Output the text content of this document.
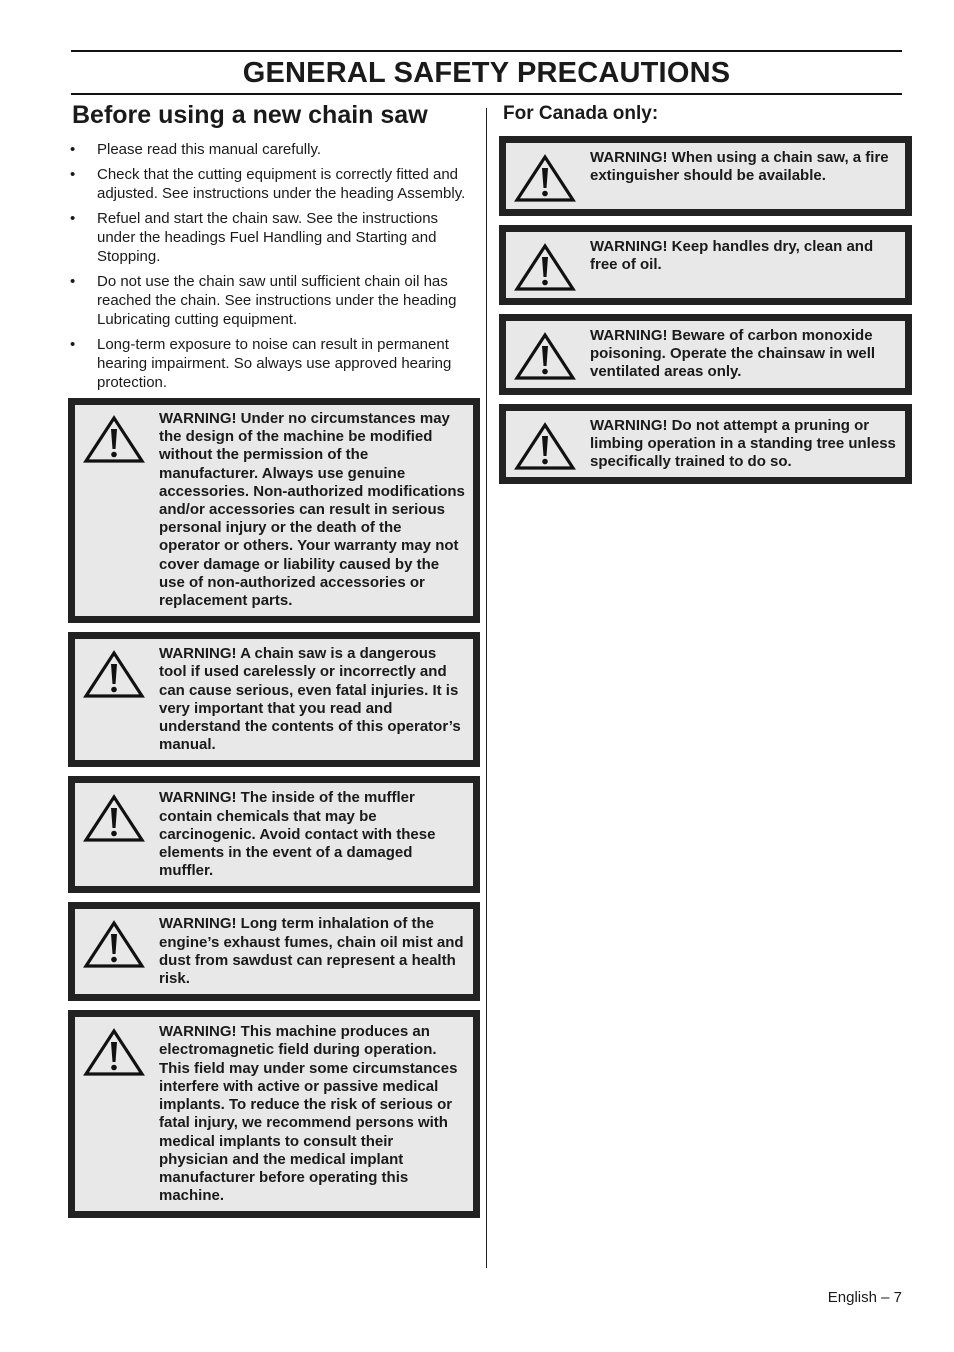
GENERAL SAFETY PRECAUTIONS
Before using a new chain saw
• Please read this manual carefully.
• Check that the cutting equipment is correctly fitted and adjusted. See instructions under the heading Assembly.
• Refuel and start the chain saw. See the instructions under the headings Fuel Handling and Starting and Stopping.
• Do not use the chain saw until sufficient chain oil has reached the chain. See instructions under the heading Lubricating cutting equipment.
• Long-term exposure to noise can result in permanent hearing impairment. So always use approved hearing protection.
WARNING! Under no circumstances may the design of the machine be modified without the permission of the manufacturer. Always use genuine accessories. Non-authorized modifications and/or accessories can result in serious personal injury or the death of the operator or others. Your warranty may not cover damage or liability caused by the use of non-authorized accessories or replacement parts.
WARNING! A chain saw is a dangerous tool if used carelessly or incorrectly and can cause serious, even fatal injuries. It is very important that you read and understand the contents of this operator’s manual.
WARNING! The inside of the muffler contain chemicals that may be carcinogenic. Avoid contact with these elements in the event of a damaged muffler.
WARNING! Long term inhalation of the engine’s exhaust fumes, chain oil mist and dust from sawdust can represent a health risk.
WARNING! This machine produces an electromagnetic field during operation. This field may under some circumstances interfere with active or passive medical implants. To reduce the risk of serious or fatal injury, we recommend persons with medical implants to consult their physician and the medical implant manufacturer before operating this machine.
For Canada only:
WARNING! When using a chain saw, a fire extinguisher should be available.
WARNING! Keep handles dry, clean and free of oil.
WARNING! Beware of carbon monoxide poisoning. Operate the chainsaw in well ventilated areas only.
WARNING! Do not attempt a pruning or limbing operation in a standing tree unless specifically trained to do so.
English – 7
